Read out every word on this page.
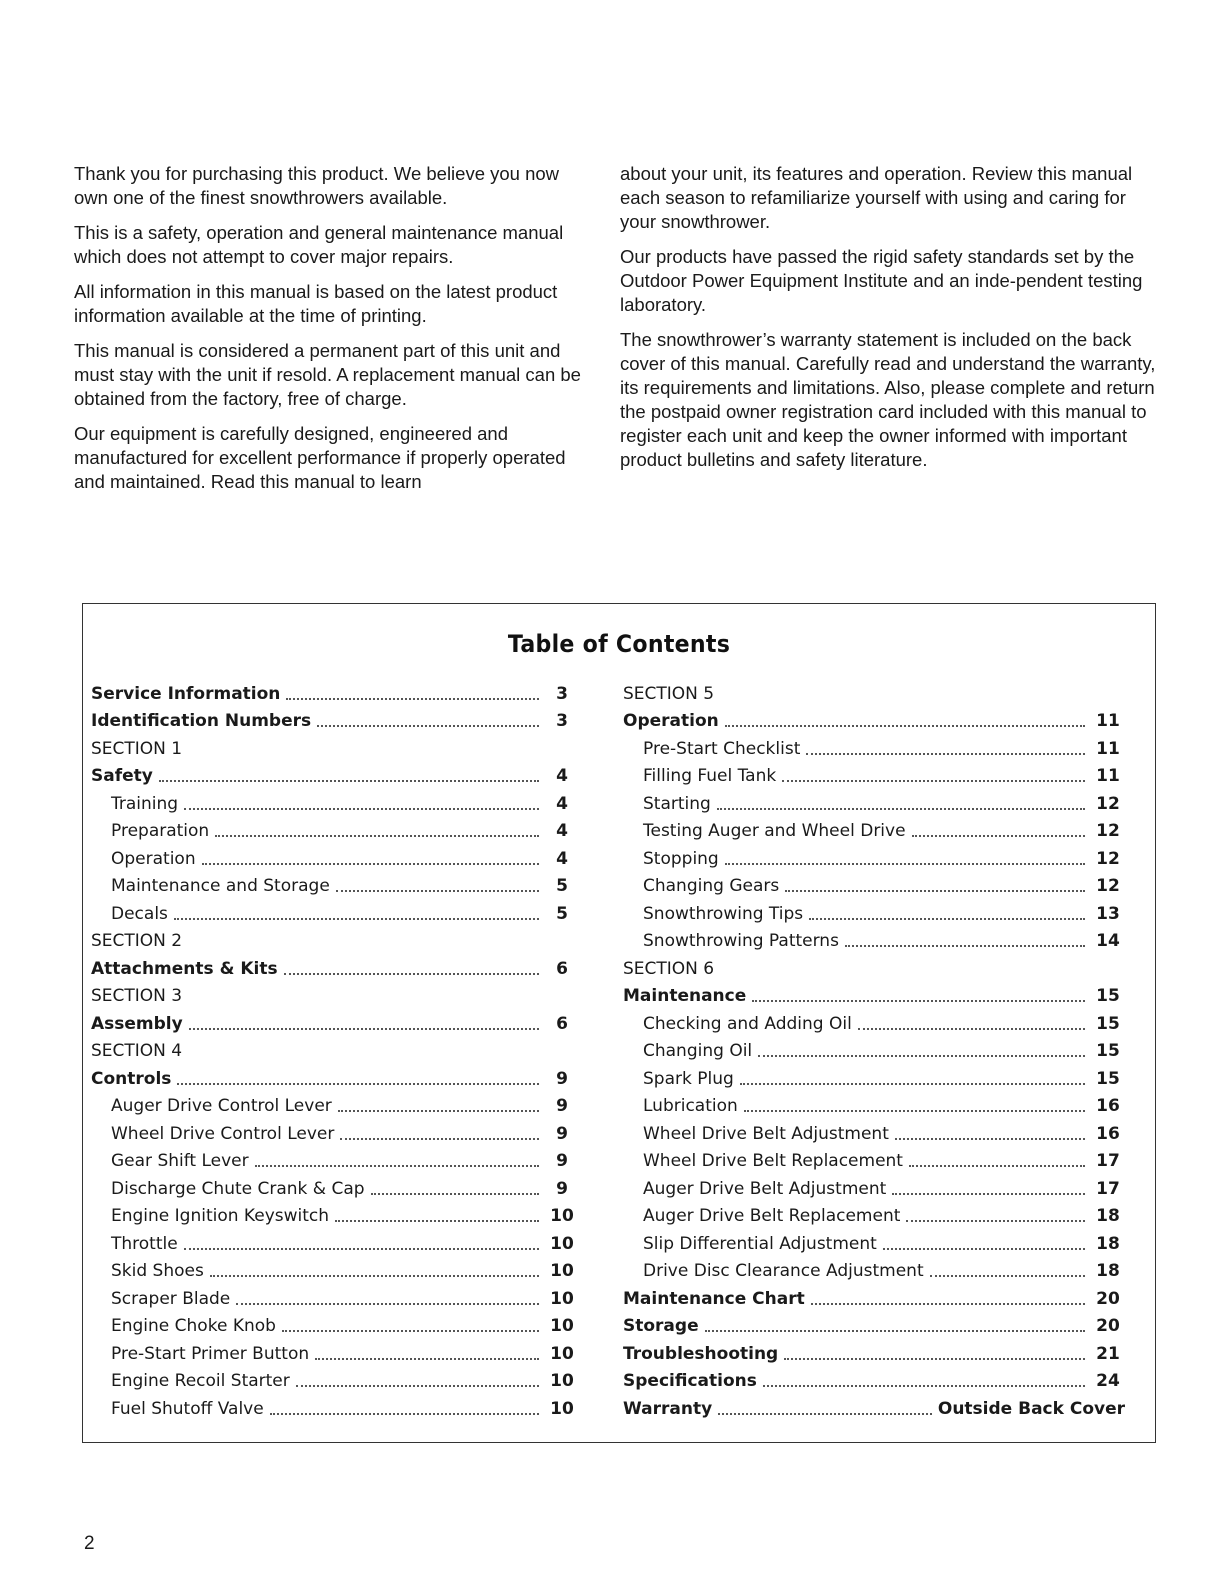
Thank you for purchasing this product. We believe you now own one of the finest snowthrowers available.

This is a safety, operation and general maintenance manual which does not attempt to cover major repairs.

All information in this manual is based on the latest product information available at the time of printing.

This manual is considered a permanent part of this unit and must stay with the unit if resold. A replacement manual can be obtained from the factory, free of charge.

Our equipment is carefully designed, engineered and manufactured for excellent performance if properly operated and maintained. Read this manual to learn

about your unit, its features and operation. Review this manual each season to refamiliarize yourself with using and caring for your snowthrower.

Our products have passed the rigid safety standards set by the Outdoor Power Equipment Institute and an inde-pendent testing laboratory.

The snowthrower’s warranty statement is included on the back cover of this manual. Carefully read and understand the warranty, its requirements and limitations. Also, please complete and return the postpaid owner registration card included with this manual to register each unit and keep the owner informed with important product bulletins and safety literature.

Table of Contents
Service Information	3
Identification Numbers	3
SECTION 1
Safety	4
Training	4
Preparation	4
Operation	4
Maintenance and Storage	5
Decals	5
SECTION 2
Attachments & Kits	6
SECTION 3
Assembly	6
SECTION 4
Controls	9
Auger Drive Control Lever	9
Wheel Drive Control Lever	9
Gear Shift Lever	9
Discharge Chute Crank & Cap	9
Engine Ignition Keyswitch	10
Throttle	10
Skid Shoes	10
Scraper Blade	10
Engine Choke Knob	10
Pre-Start Primer Button	10
Engine Recoil Starter	10
Fuel Shutoff Valve	10
SECTION 5
Operation	11
Pre-Start Checklist	11
Filling Fuel Tank	11
Starting	12
Testing Auger and Wheel Drive	12
Stopping	12
Changing Gears	12
Snowthrowing Tips	13
Snowthrowing Patterns	14
SECTION 6
Maintenance	15
Checking and Adding Oil	15
Changing Oil	15
Spark Plug	15
Lubrication	16
Wheel Drive Belt Adjustment	16
Wheel Drive Belt Replacement	17
Auger Drive Belt Adjustment	17
Auger Drive Belt Replacement	18
Slip Differential Adjustment	18
Drive Disc Clearance Adjustment	18
Maintenance Chart	20
Storage	20
Troubleshooting	21
Specifications	24
Warranty	Outside Back Cover
2
